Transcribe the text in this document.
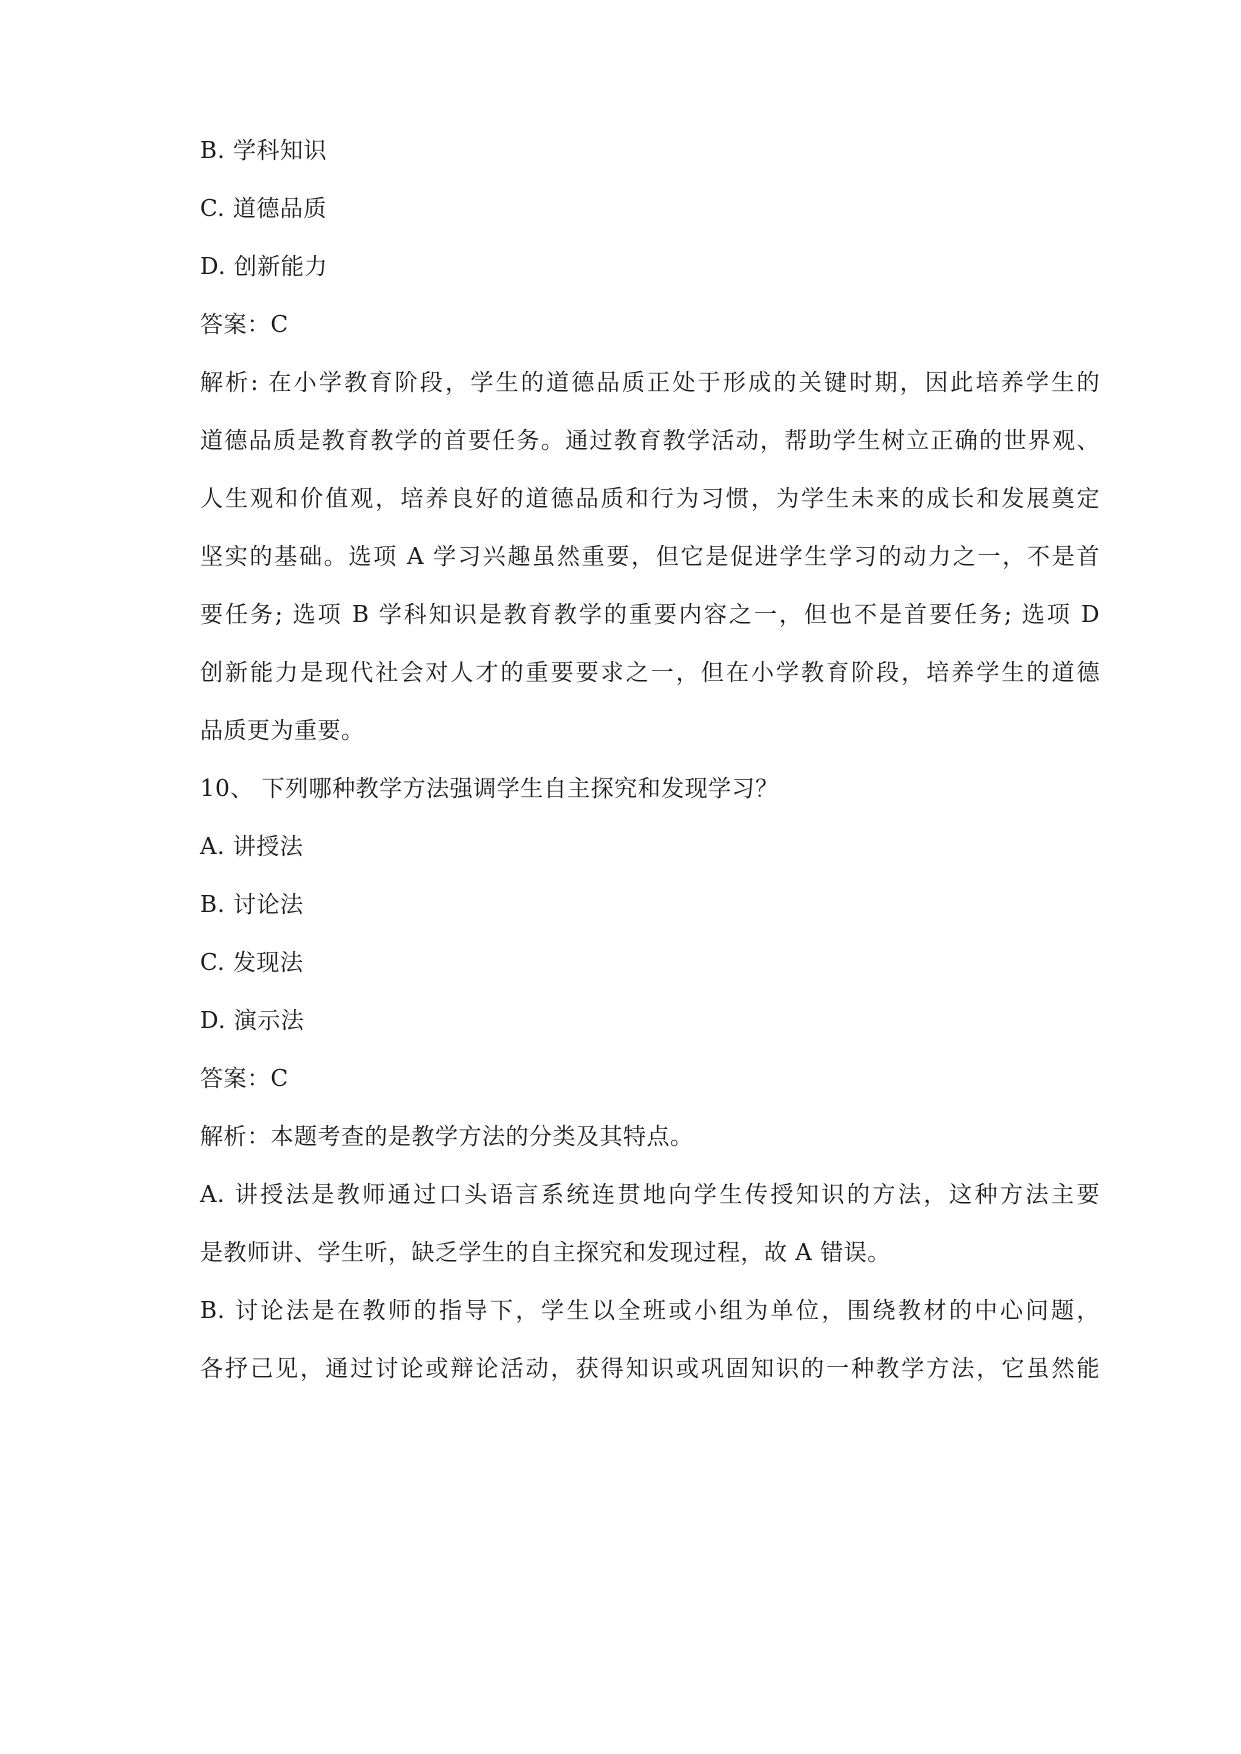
B. 学科知识
C. 道德品质
D. 创新能力
答案：C
解析: 在小学教育阶段，学生的道德品质正处于形成的关键时期，因此培养学生的
道德品质是教育教学的首要任务。通过教育教学活动，帮助学生树立正确的世界观、
人生观和价值观，培养良好的道德品质和行为习惯，为学生未来的成长和发展奠定
坚实的基础。选项 A 学习兴趣虽然重要，但它是促进学生学习的动力之一，不是首
要任务; 选项 B 学科知识是教育教学的重要内容之一，但也不是首要任务; 选项 D
创新能力是现代社会对人才的重要要求之一，但在小学教育阶段，培养学生的道德
品质更为重要。
10、 下列哪种教学方法强调学生自主探究和发现学习？
A. 讲授法
B. 讨论法
C. 发现法
D. 演示法
答案：C
解析：本题考查的是教学方法的分类及其特点。
A. 讲授法是教师通过口头语言系统连贯地向学生传授知识的方法，这种方法主要
是教师讲、学生听，缺乏学生的自主探究和发现过程，故 A 错误。
B. 讨论法是在教师的指导下，学生以全班或小组为单位，围绕教材的中心问题，
各抒己见，通过讨论或辩论活动，获得知识或巩固知识的一种教学方法，它虽然能
